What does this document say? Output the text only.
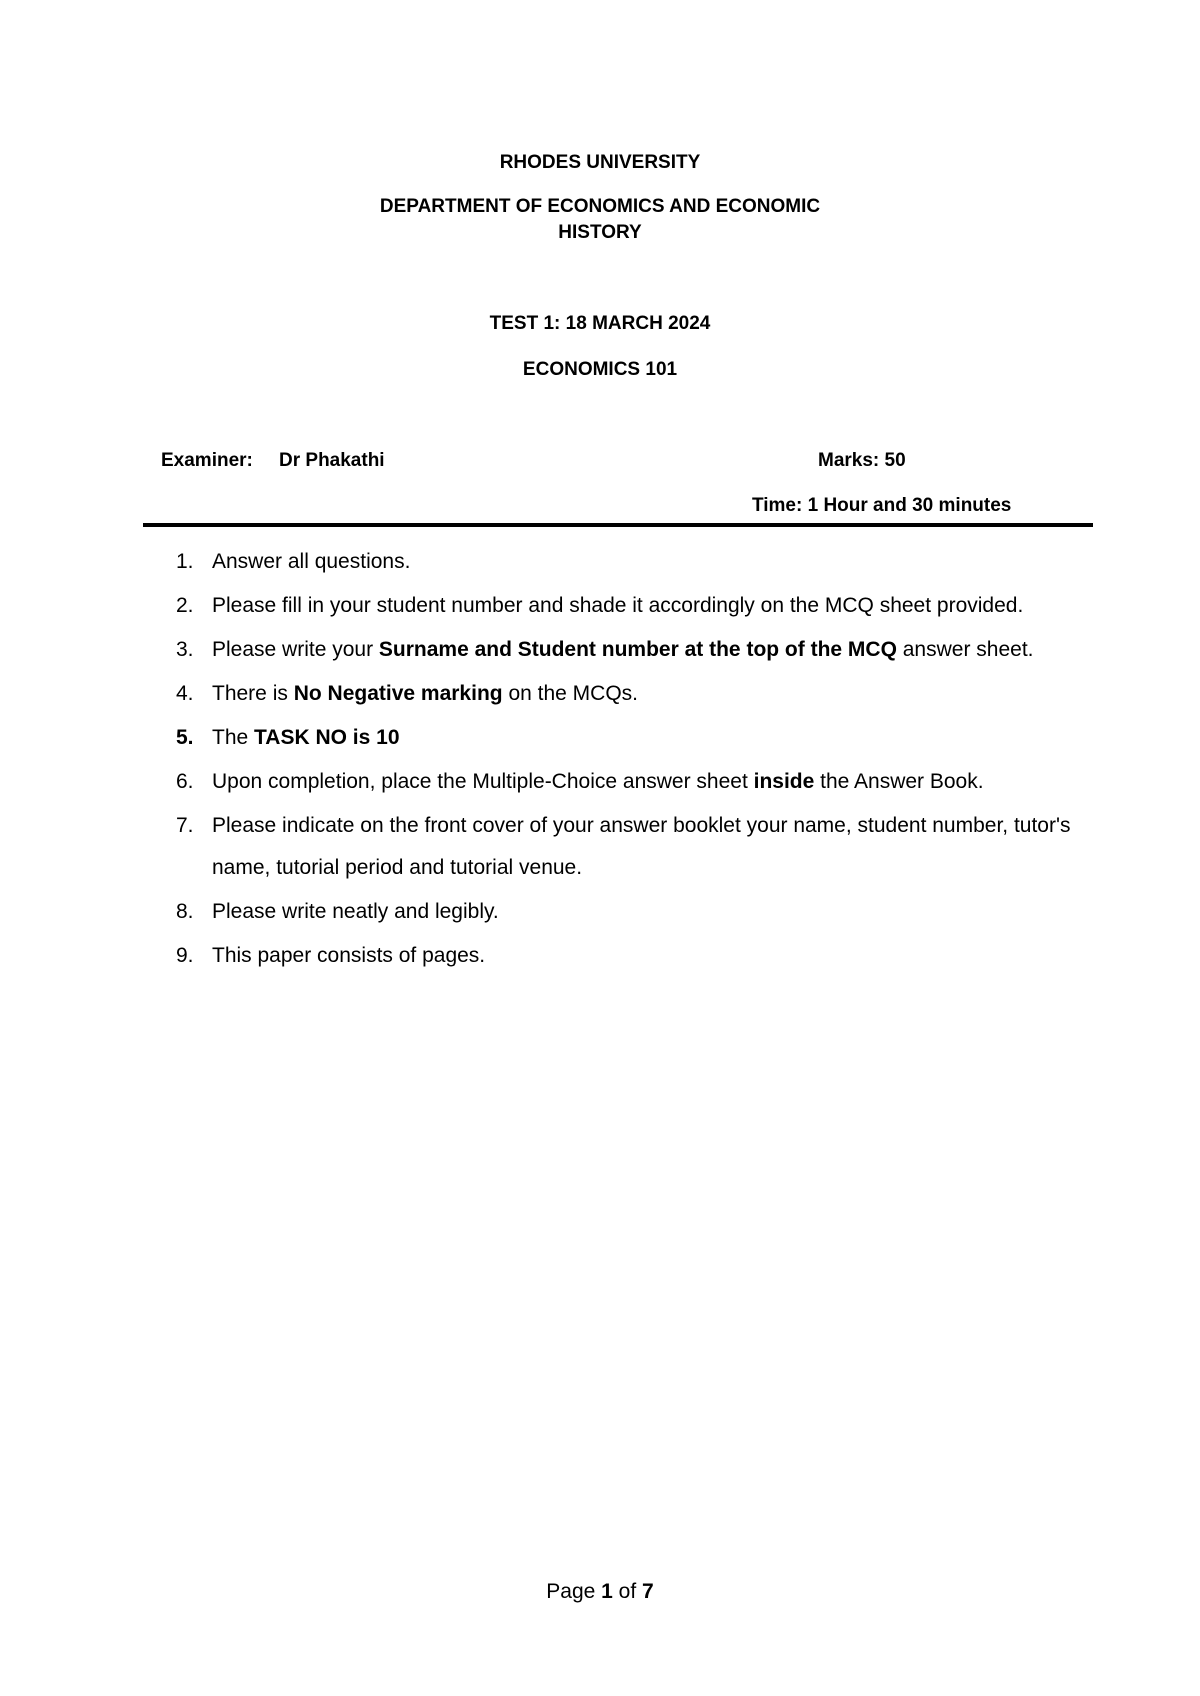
RHODES UNIVERSITY
DEPARTMENT OF ECONOMICS AND ECONOMIC
HISTORY
TEST 1: 18 MARCH 2024
ECONOMICS 101
Examiner: Dr Phakathi	Marks: 50
Time: 1 Hour and 30 minutes
1. Answer all questions.
2. Please fill in your student number and shade it accordingly on the MCQ sheet provided.
3. Please write your Surname and Student number at the top of the MCQ answer sheet.
4. There is No Negative marking on the MCQs.
5. The TASK NO is 10
6. Upon completion, place the Multiple-Choice answer sheet inside the Answer Book.
7. Please indicate on the front cover of your answer booklet your name, student number, tutor's name, tutorial period and tutorial venue.
8. Please write neatly and legibly.
9. This paper consists of pages.
Page 1 of 7
